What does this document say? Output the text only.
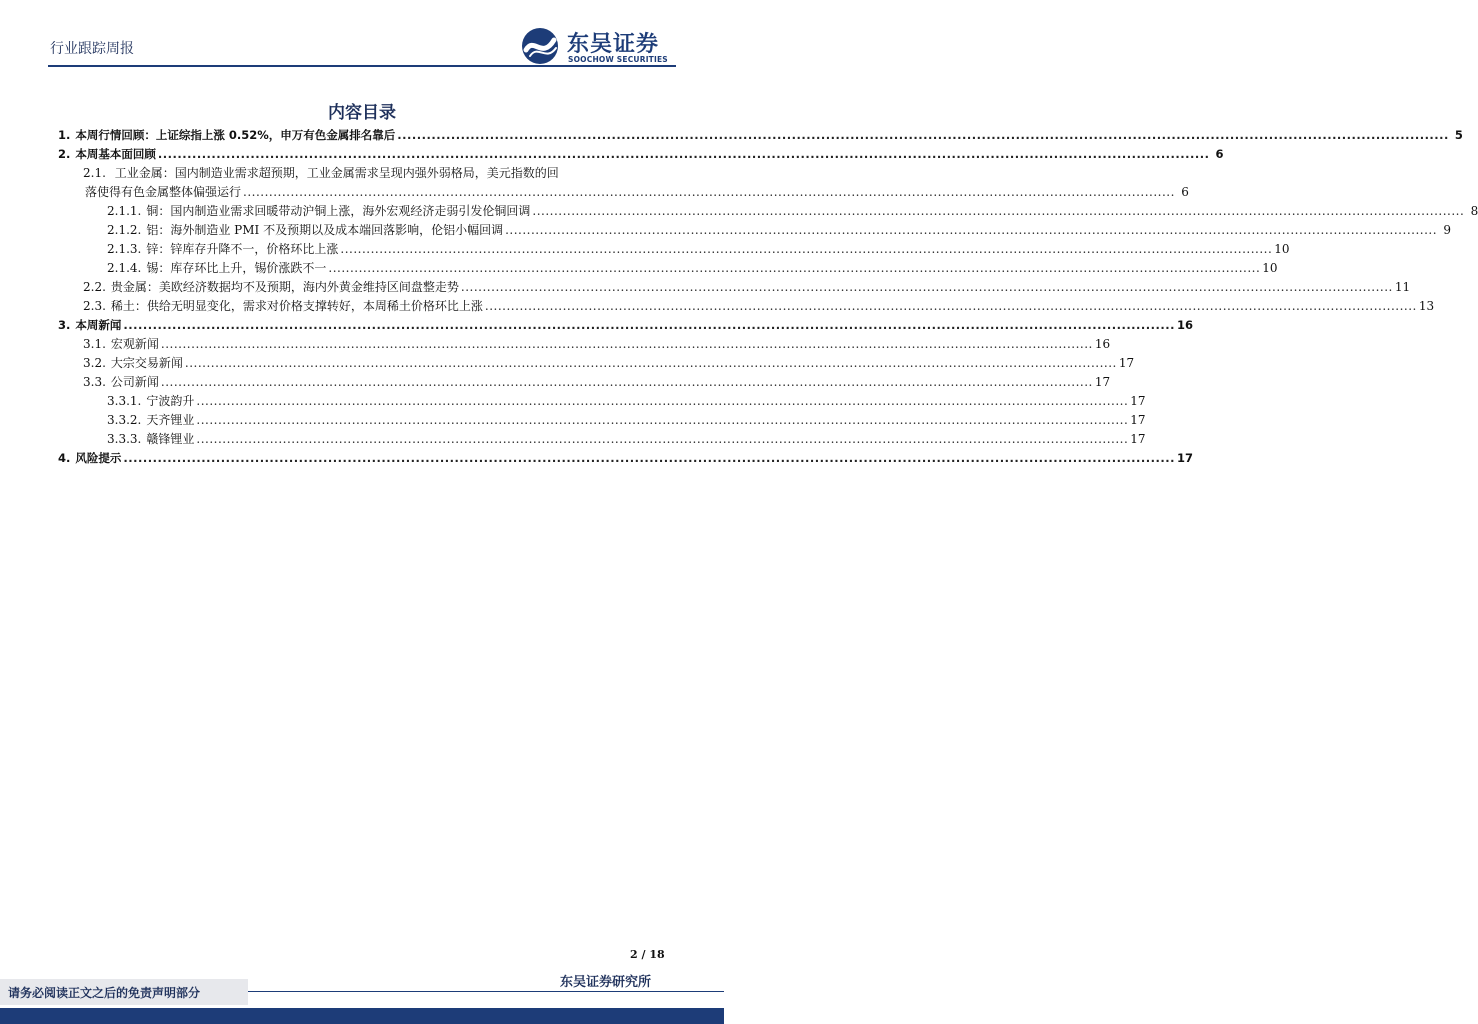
行业跟踪周报	东吴证券
SOOCHOW SECURITIES
内容目录
1. 本周行情回顾：上证综指上涨 0.52%，申万有色金属排名靠后 .....	5
2. 本周基本面回顾 .....	6
2.1. 工业金属：国内制造业需求超预期，工业金属需求呈现内强外弱格局，美元指数的回
落使得有色金属整体偏强运行 .....	6
2.1.1. 铜：国内制造业需求回暖带动沪铜上涨，海外宏观经济走弱引发伦铜回调 .....	8
2.1.2. 铝：海外制造业 PMI 不及预期以及成本端回落影响，伦铝小幅回调 .....	9
2.1.3. 锌：锌库存升降不一，价格环比上涨 .....	10
2.1.4. 锡：库存环比上升，锡价涨跌不一 .....	10
2.2. 贵金属：美欧经济数据均不及预期，海内外黄金维持区间盘整走势 .....	11
2.3. 稀土：供给无明显变化，需求对价格支撑转好，本周稀土价格环比上涨 .....	13
3. 本周新闻 .....	16
3.1. 宏观新闻 .....	16
3.2. 大宗交易新闻 .....	17
3.3. 公司新闻 .....	17
3.3.1. 宁波韵升 .....	17
3.3.2. 天齐锂业 .....	17
3.3.3. 赣锋锂业 .....	17
4. 风险提示 .....	17
2 / 18
东吴证券研究所
请务必阅读正文之后的免责声明部分
